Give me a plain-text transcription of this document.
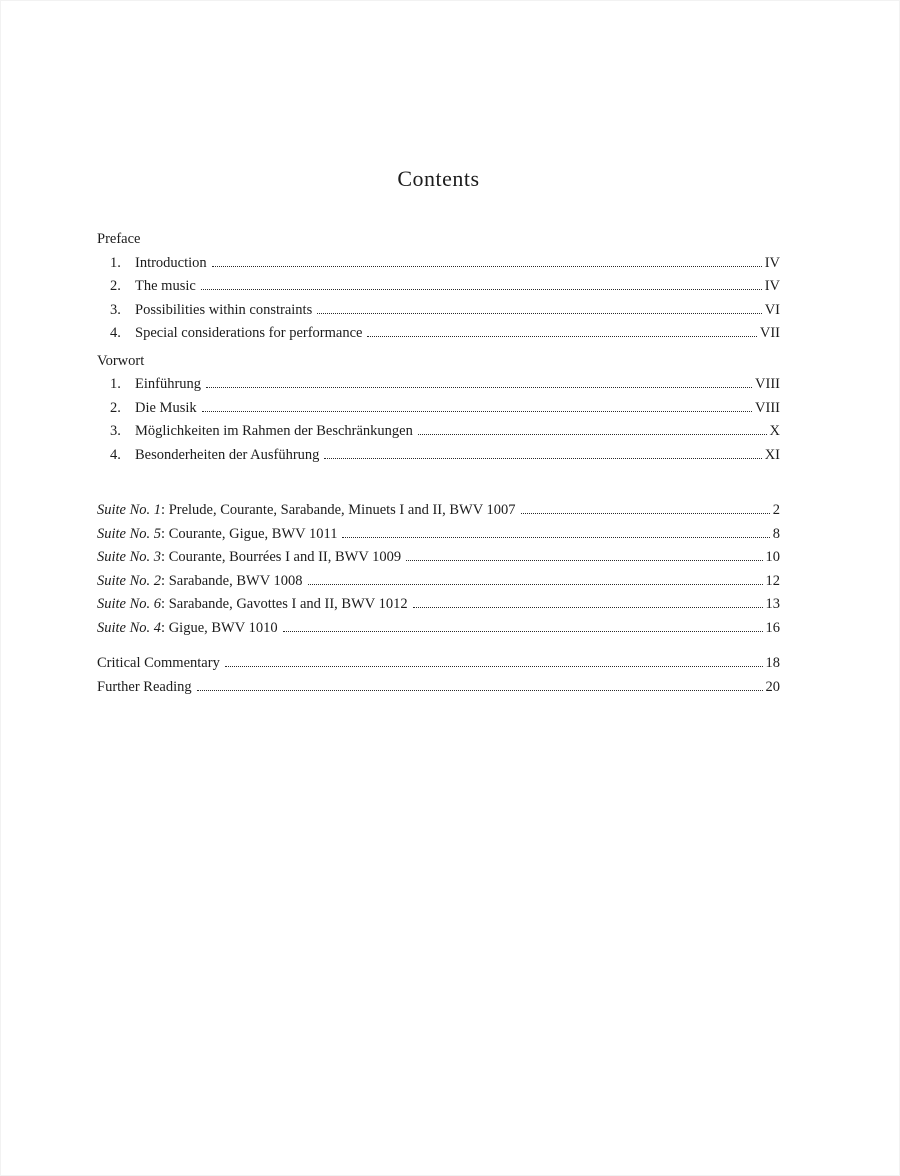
Contents
Preface
1. Introduction	IV
2. The music	IV
3. Possibilities within constraints	VI
4. Special considerations for performance	VII
Vorwort
1. Einführung	VIII
2. Die Musik	VIII
3. Möglichkeiten im Rahmen der Beschränkungen	X
4. Besonderheiten der Ausführung	XI
Suite No. 1: Prelude, Courante, Sarabande, Minuets I and II, BWV 1007	2
Suite No. 5: Courante, Gigue, BWV 1011	8
Suite No. 3: Courante, Bourrées I and II, BWV 1009	10
Suite No. 2: Sarabande, BWV 1008	12
Suite No. 6: Sarabande, Gavottes I and II, BWV 1012	13
Suite No. 4: Gigue, BWV 1010	16
Critical Commentary	18
Further Reading	20
